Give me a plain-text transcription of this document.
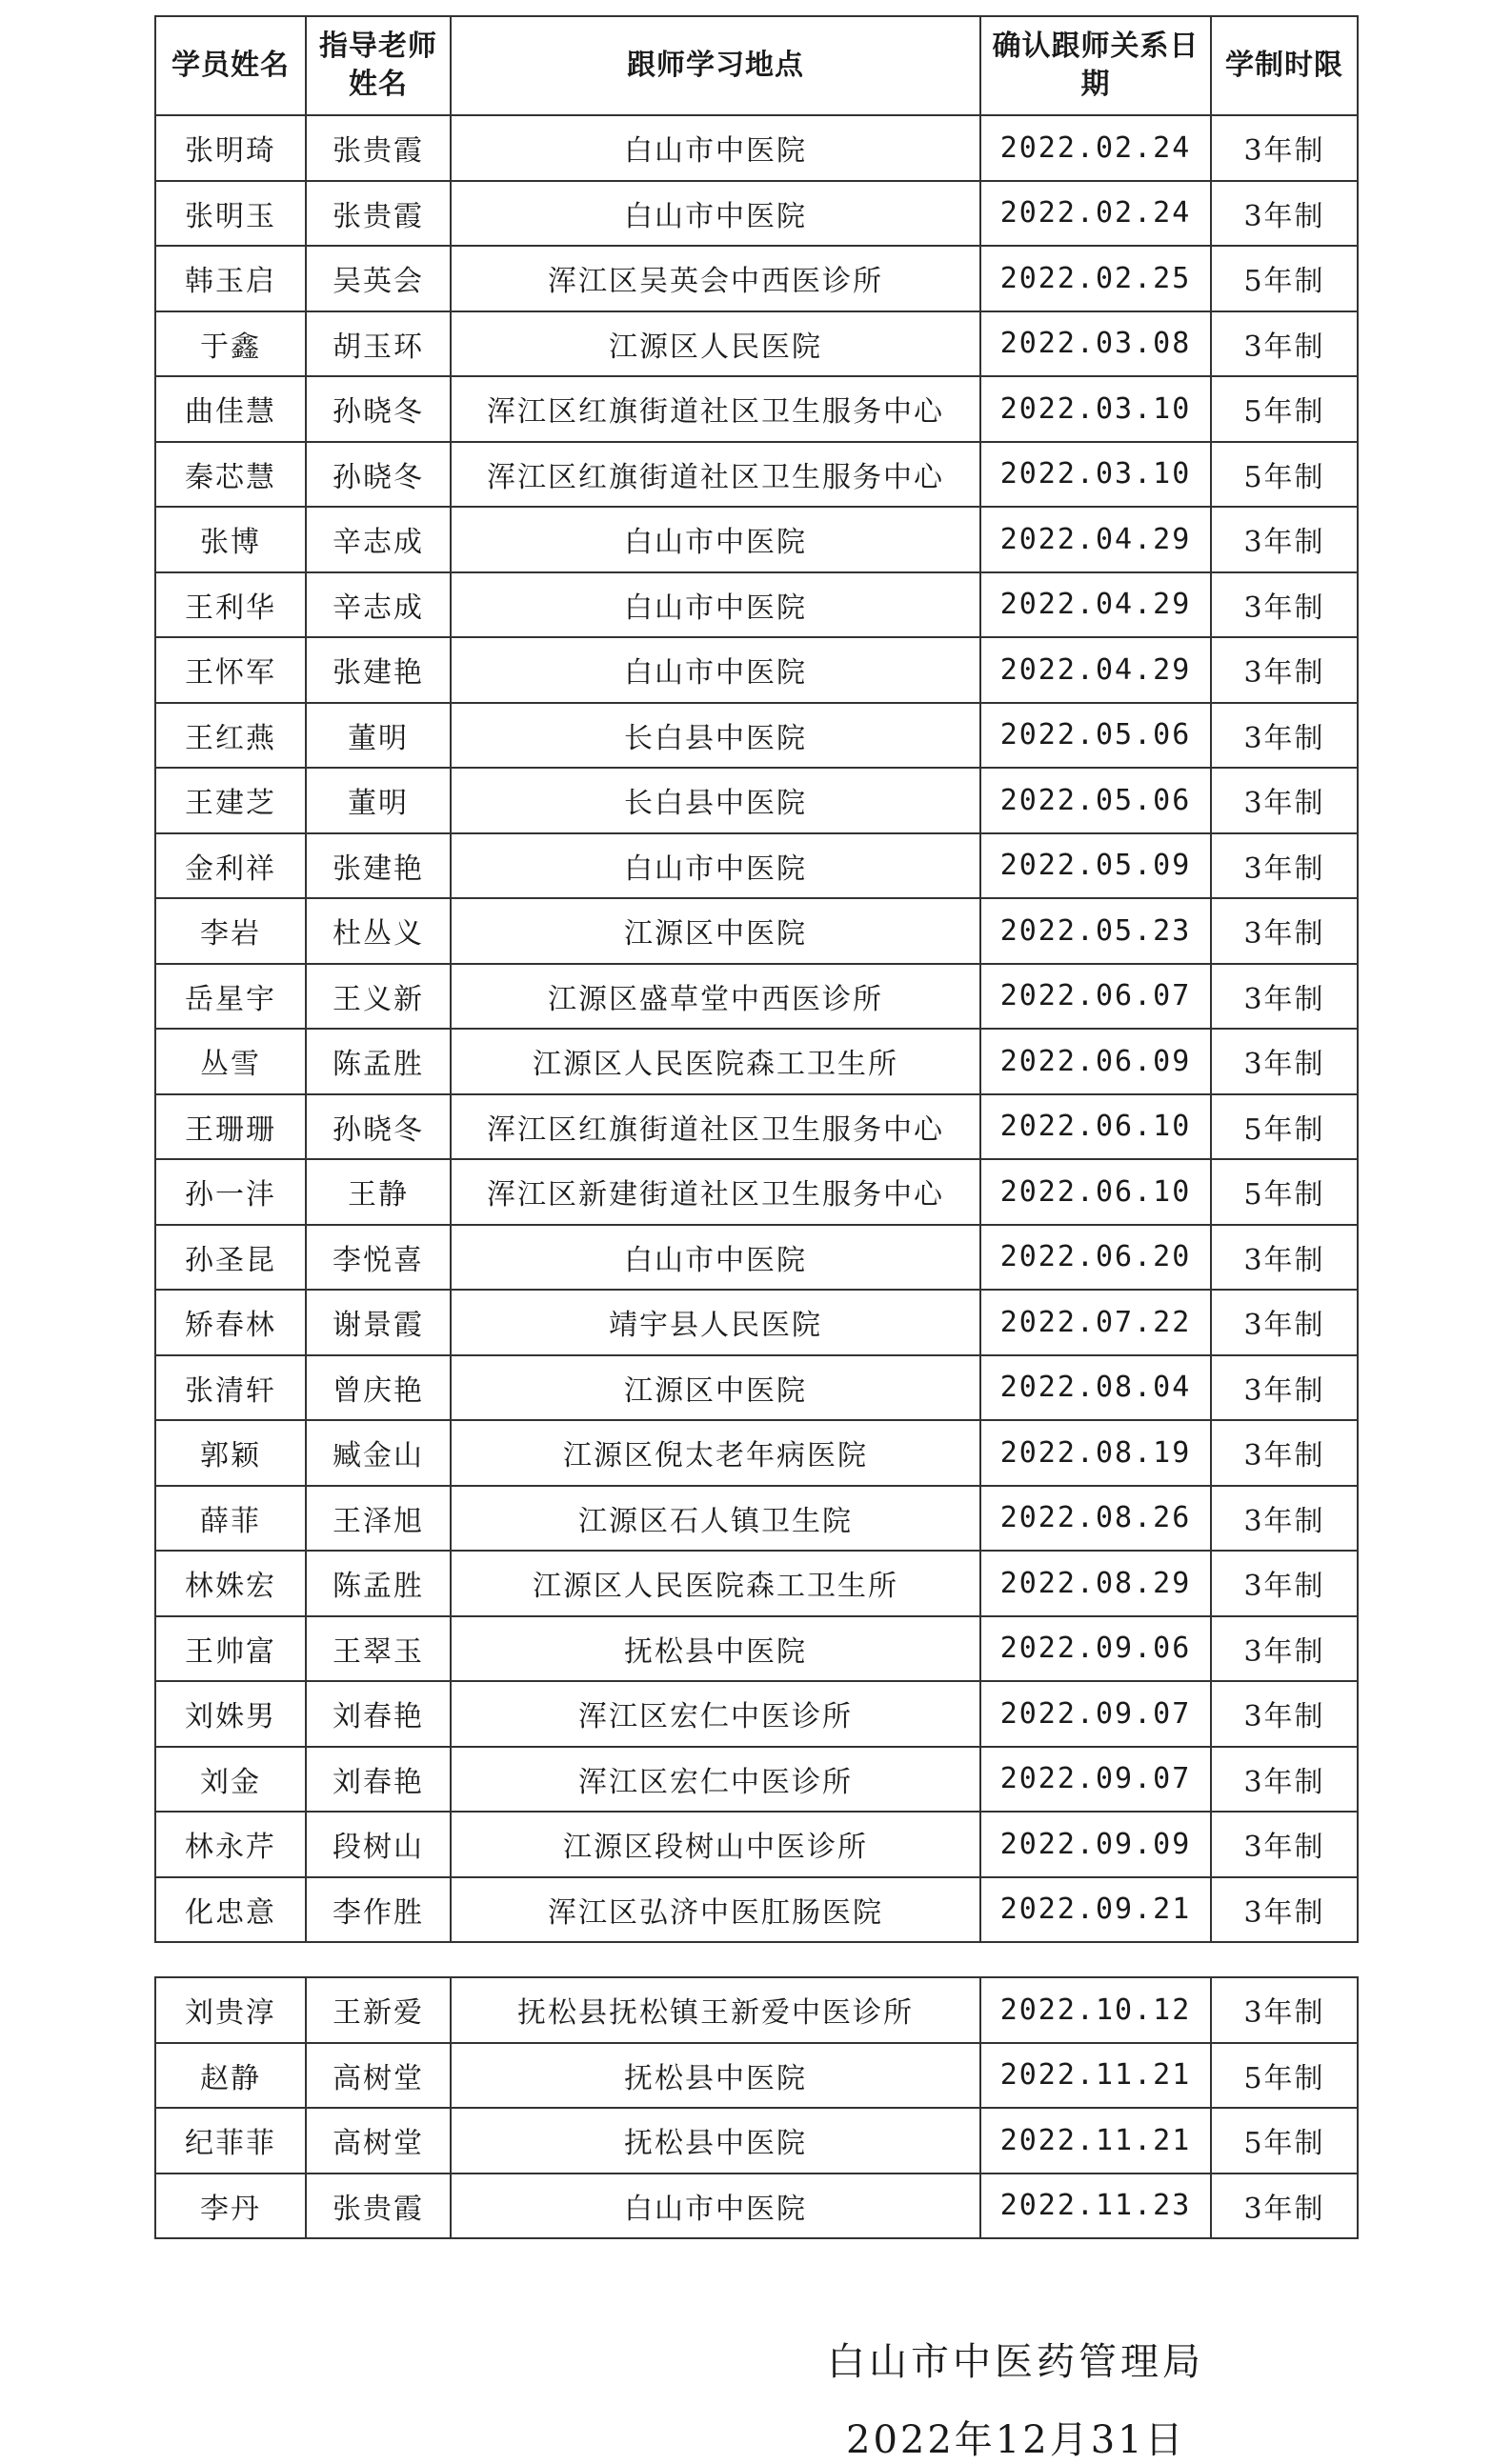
学员姓名	指导老师姓名	跟师学习地点	确认跟师关系日期	学制时限
张明琦	张贵霞	白山市中医院	2022.02.24	3年制
张明玉	张贵霞	白山市中医院	2022.02.24	3年制
韩玉启	吴英会	浑江区吴英会中西医诊所	2022.02.25	5年制
于鑫	胡玉环	江源区人民医院	2022.03.08	3年制
曲佳慧	孙晓冬	浑江区红旗街道社区卫生服务中心	2022.03.10	5年制
秦芯慧	孙晓冬	浑江区红旗街道社区卫生服务中心	2022.03.10	5年制
张博	辛志成	白山市中医院	2022.04.29	3年制
王利华	辛志成	白山市中医院	2022.04.29	3年制
王怀军	张建艳	白山市中医院	2022.04.29	3年制
王红燕	董明	长白县中医院	2022.05.06	3年制
王建芝	董明	长白县中医院	2022.05.06	3年制
金利祥	张建艳	白山市中医院	2022.05.09	3年制
李岩	杜丛义	江源区中医院	2022.05.23	3年制
岳星宇	王义新	江源区盛草堂中西医诊所	2022.06.07	3年制
丛雪	陈孟胜	江源区人民医院森工卫生所	2022.06.09	3年制
王珊珊	孙晓冬	浑江区红旗街道社区卫生服务中心	2022.06.10	5年制
孙一沣	王静	浑江区新建街道社区卫生服务中心	2022.06.10	5年制
孙圣昆	李悦喜	白山市中医院	2022.06.20	3年制
矫春林	谢景霞	靖宇县人民医院	2022.07.22	3年制
张清轩	曾庆艳	江源区中医院	2022.08.04	3年制
郭颖	臧金山	江源区倪太老年病医院	2022.08.19	3年制
薛菲	王泽旭	江源区石人镇卫生院	2022.08.26	3年制
林姝宏	陈孟胜	江源区人民医院森工卫生所	2022.08.29	3年制
王帅富	王翠玉	抚松县中医院	2022.09.06	3年制
刘姝男	刘春艳	浑江区宏仁中医诊所	2022.09.07	3年制
刘金	刘春艳	浑江区宏仁中医诊所	2022.09.07	3年制
林永芹	段树山	江源区段树山中医诊所	2022.09.09	3年制
化忠意	李作胜	浑江区弘济中医肛肠医院	2022.09.21	3年制
刘贵淳	王新爱	抚松县抚松镇王新爱中医诊所	2022.10.12	3年制
赵静	高树堂	抚松县中医院	2022.11.21	5年制
纪菲菲	高树堂	抚松县中医院	2022.11.21	5年制
李丹	张贵霞	白山市中医院	2022.11.23	3年制
白山市中医药管理局
2022年12月31日
